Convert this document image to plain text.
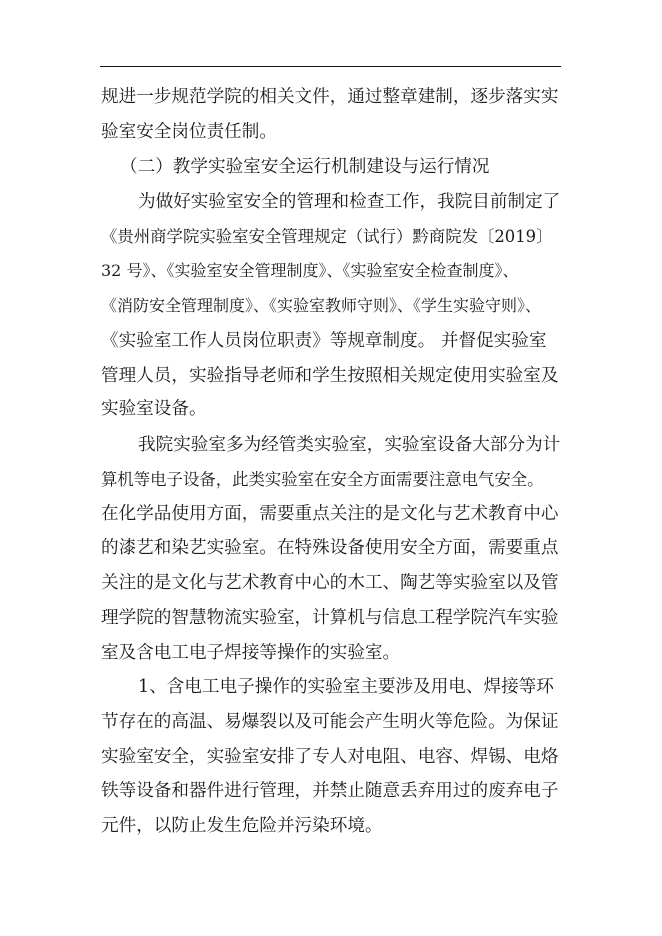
规进一步规范学院的相关文件，通过整章建制，逐步落实实
验室安全岗位责任制。
（二）教学实验室安全运行机制建设与运行情况
为做好实验室安全的管理和检查工作，我院目前制定了
《贵州商学院实验室安全管理规定（试行）黔商院发〔2019〕
32 号》、《实验室安全管理制度》、《实验室安全检查制度》、
《消防安全管理制度》、《实验室教师守则》、《学生实验守则》、
《实验室工作人员岗位职责》等规章制度。 并督促实验室
管理人员，实验指导老师和学生按照相关规定使用实验室及
实验室设备。
我院实验室多为经管类实验室，实验室设备大部分为计
算机等电子设备，此类实验室在安全方面需要注意电气安全。
在化学品使用方面，需要重点关注的是文化与艺术教育中心
的漆艺和染艺实验室。在特殊设备使用安全方面，需要重点
关注的是文化与艺术教育中心的木工、陶艺等实验室以及管
理学院的智慧物流实验室，计算机与信息工程学院汽车实验
室及含电工电子焊接等操作的实验室。
1、含电工电子操作的实验室主要涉及用电、焊接等环
节存在的高温、易爆裂以及可能会产生明火等危险。为保证
实验室安全，实验室安排了专人对电阻、电容、焊锡、电烙
铁等设备和器件进行管理，并禁止随意丢弃用过的废弃电子
元件，以防止发生危险并污染环境。
